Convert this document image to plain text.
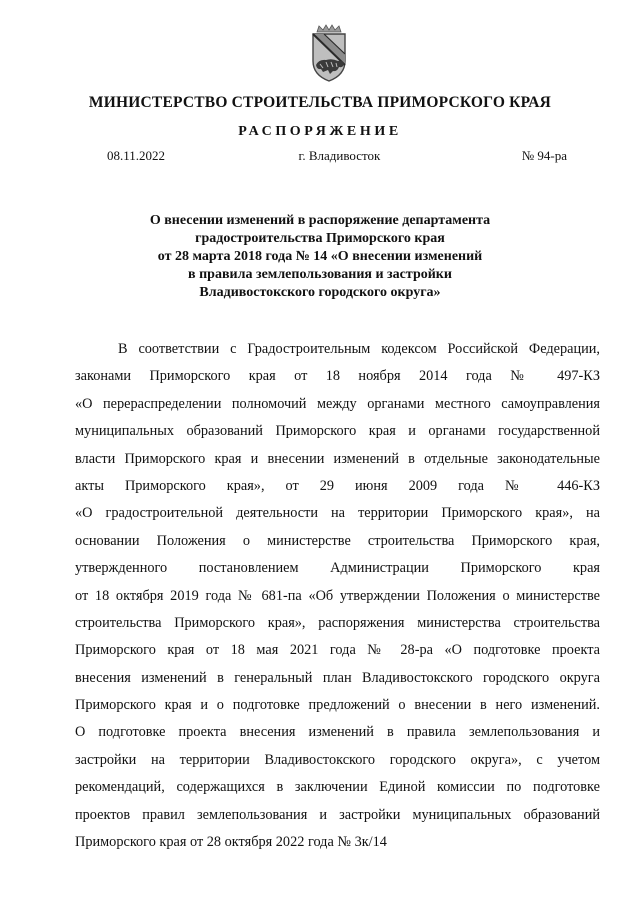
МИНИСТЕРСТВО СТРОИТЕЛЬСТВА ПРИМОРСКОГО КРАЯ
РАСПОРЯЖЕНИЕ
08.11.2022	г. Владивосток	№ 94-ра
О внесении изменений в распоряжение департамента
градостроительства Приморского края
от 28 марта 2018 года № 14 «О внесении изменений
в правила землепользования и застройки
Владивостокского городского округа»
В соответствии с Градостроительным кодексом Российской Федерации,
законами Приморского края от 18 ноября 2014 года № 497-КЗ
«О перераспределении полномочий между органами местного самоуправления
муниципальных образований Приморского края и органами государственной
власти Приморского края и внесении изменений в отдельные законодательные
акты Приморского края», от 29 июня 2009 года № 446-КЗ
«О градостроительной деятельности на территории Приморского края», на
основании Положения о министерстве строительства Приморского края,
утвержденного постановлением Администрации Приморского края
от 18 октября 2019 года № 681-па «Об утверждении Положения о министерстве
строительства Приморского края», распоряжения министерства строительства
Приморского края от 18 мая 2021 года № 28-ра «О подготовке проекта
внесения изменений в генеральный план Владивостокского городского округа
Приморского края и о подготовке предложений о внесении в него изменений.
О подготовке проекта внесения изменений в правила землепользования и
застройки на территории Владивостокского городского округа», с учетом
рекомендаций, содержащихся в заключении Единой комиссии по подготовке
проектов правил землепользования и застройки муниципальных образований
Приморского края от 28 октября 2022 года № 3к/14
